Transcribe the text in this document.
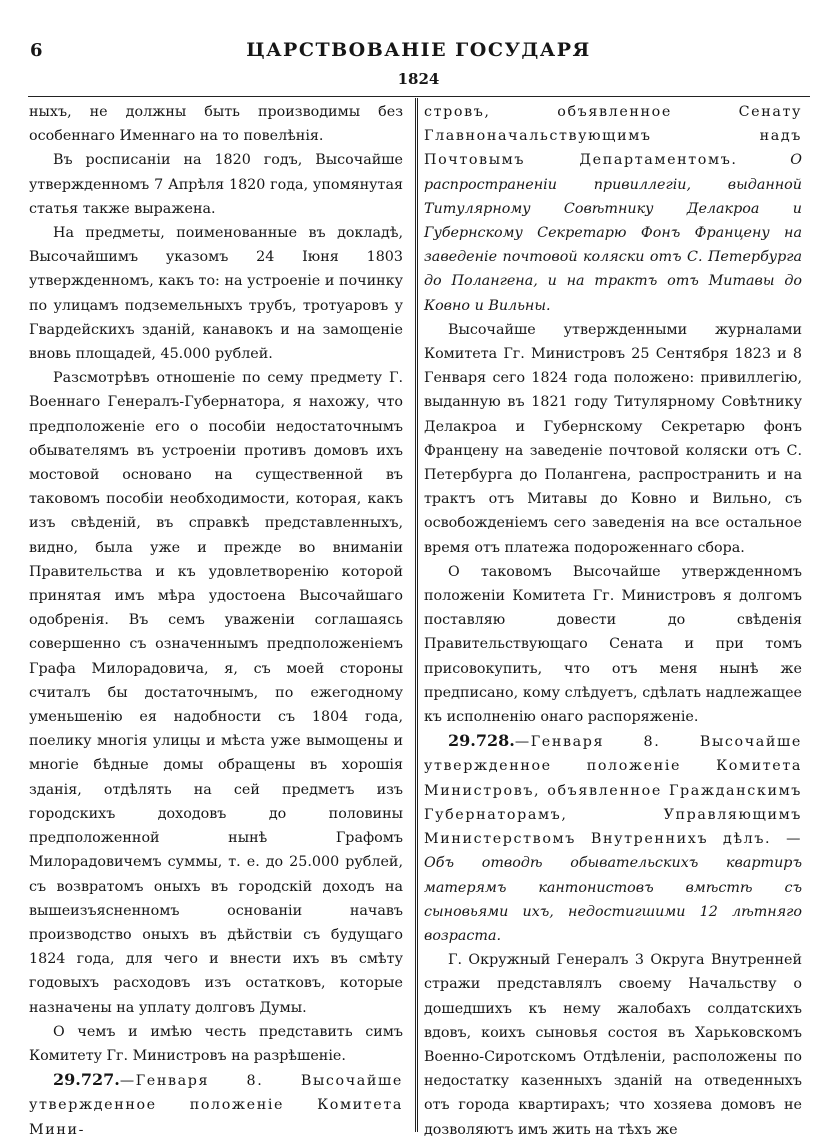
6	ЦАРСТВОВАНІЕ ГОСУДАРЯ
1824

ныхъ, не должны быть производимы без особеннаго Именнаго на то повелѣнія.

Въ росписаніи на 1820 годъ, Высочайше утвержденномъ 7 Апрѣля 1820 года, упомянутая статья также выражена.

На предметы, поименованные въ докладѣ, Высочайшимъ указомъ 24 Іюня 1803 утвержденномъ, какъ то: на устроеніе и починку по улицамъ подземельныхъ трубъ, тротуаровъ у Гвардейскихъ зданій, канавокъ и на замощеніе вновь площадей, 45.000 рублей.

Разсмотрѣвъ отношеніе по сему предмету Г. Военнаго Генералъ-Губернатора, я нахожу, что предположеніе его о пособіи недостаточнымъ обывателямъ въ устроеніи противъ домовъ ихъ мостовой основано на существенной въ таковомъ пособіи необходимости, которая, какъ изъ свѣденій, въ справкѣ представленныхъ, видно, была уже и прежде во вниманіи Правительства и къ удовлетворенію которой принятая имъ мѣра удостоена Высочайшаго одобренія. Въ семъ уваженіи соглашаясь совершенно съ означеннымъ предположеніемъ Графа Милорадовича, я, съ моей стороны считалъ бы достаточнымъ, по ежегодному уменьшенію ея надобности съ 1804 года, поелику многія улицы и мѣста уже вымощены и многіе бѣдные домы обращены въ хорошія зданія, отдѣлять на сей предметъ изъ городскихъ доходовъ до половины предположенной нынѣ Графомъ Милорадовичемъ суммы, т. е. до 25.000 рублей, съ возвратомъ оныхъ въ городскій доходъ на вышеизъясненномъ основаніи начавъ производство оныхъ въ дѣйствіи съ будущаго 1824 года, для чего и внести ихъ въ смѣту годовыхъ расходовъ изъ остатковъ, которые назначены на уплату долговъ Думы.

О чемъ и имѣю честь представить симъ Комитету Гг. Министровъ на разрѣшеніе.

29.727.—Генваря 8. Высочайше утвержденное положеніе Комитета Мини-

стровъ, объявленное Сенату Главноначальствующимъ надъ Почтовымъ Департаментомъ.	О распространеніи привиллегіи, выданной Титулярному Совѣтнику Делакроа и Губернскому Секретарю Фонъ Францену на заведеніе почтовой коляски отъ С. Петербурга до Полангена, и на трактъ отъ Митавы до Ковно и Вильны.

Высочайше утвержденными журналами Комитета Гг. Министровъ 25 Сентября 1823 и 8 Генваря сего 1824 года положено: привиллегію, выданную въ 1821 году Титулярному Совѣтнику Делакроа и Губернскому Секретарю фонъ Францену на заведеніе почтовой коляски отъ С. Петербурга до Полангена, распространить и на трактъ отъ Митавы до Ковно и Вильно, съ освобожденіемъ сего заведенія на все остальное время отъ платежа подороженнаго сбора.

О таковомъ Высочайше утвержденномъ положеніи Комитета Гг. Министровъ я долгомъ поставляю довести до свѣденія Правительствующаго Сената и при томъ присовокупить, что отъ меня нынѣ же предписано, кому слѣдуетъ, сдѣлать надлежащее къ исполненію онаго распоряженіе.

29.728.—Генваря 8. Высочайше утвержденное положеніе Комитета Министровъ, объявленное Гражданскимъ Губернаторамъ, Управляющимъ Министерствомъ Внутреннихъ дѣлъ. — Объ отводѣ обывательскихъ квартиръ матерямъ кантонистовъ вмѣстѣ съ сыновьями ихъ, недостигшими 12 лѣтняго возраста.

Г. Окружный Генералъ 3 Округа Внутренней стражи представлялъ своему Начальству о дошедшихъ къ нему жалобахъ солдатскихъ вдовъ, коихъ сыновья состоя въ Харьковскомъ Военно-Сиротскомъ Отдѣленіи, расположены по недостатку казенныхъ зданій на отведенныхъ отъ города квартирахъ; что хозяева домовъ не дозволяютъ имъ жить на тѣхъ же
